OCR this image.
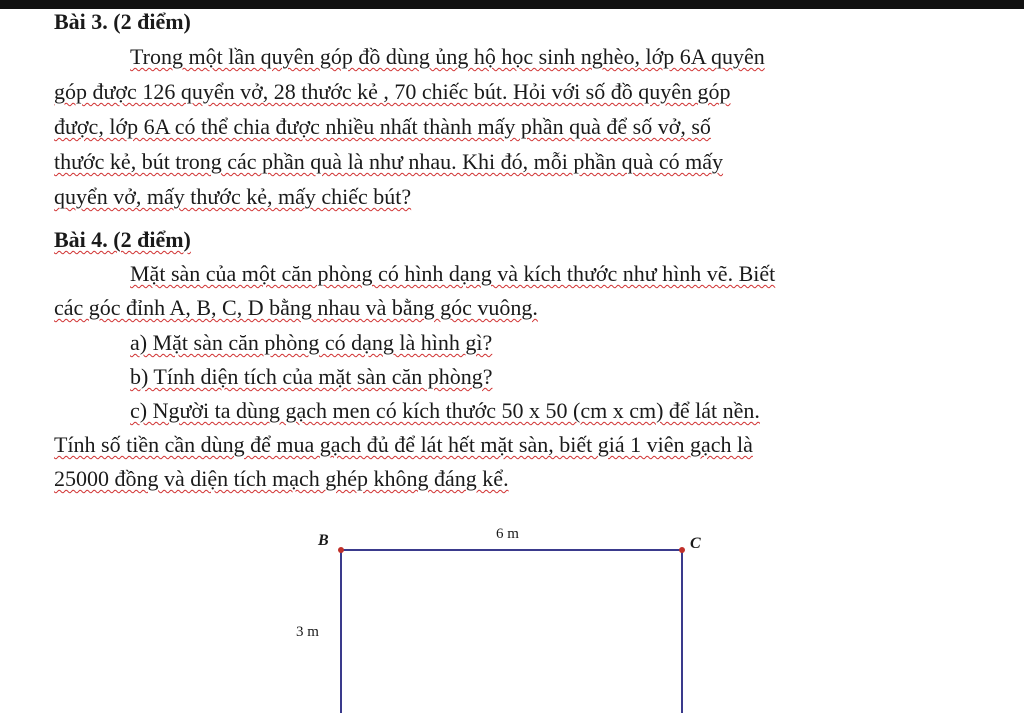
Bài 3. (2 điểm)
Trong một lần quyên góp đồ dùng ủng hộ học sinh nghèo, lớp 6A quyên
góp được 126 quyển vở, 28 thước kẻ , 70 chiếc bút. Hỏi với số đồ quyên góp
được, lớp 6A có thể chia được nhiều nhất thành mấy phần quà để số vở, số
thước kẻ, bút trong các phần quà là như nhau. Khi đó, mỗi phần quà có mấy
quyển vở, mấy thước kẻ, mấy chiếc bút?
Bài 4. (2 điểm)
Mặt sàn của một căn phòng có hình dạng và kích thước như hình vẽ. Biết
các góc đỉnh A, B, C, D bằng nhau và bằng góc vuông.
a) Mặt sàn căn phòng có dạng là hình gì?
b) Tính diện tích của mặt sàn căn phòng?
c) Người ta dùng gạch men có kích thước 50 x 50 (cm x cm) để lát nền.
Tính số tiền cần dùng để mua gạch đủ để lát hết mặt sàn, biết giá 1 viên gạch là
25000 đồng và diện tích mạch ghép không đáng kể.
B	C
6 m
3 m
